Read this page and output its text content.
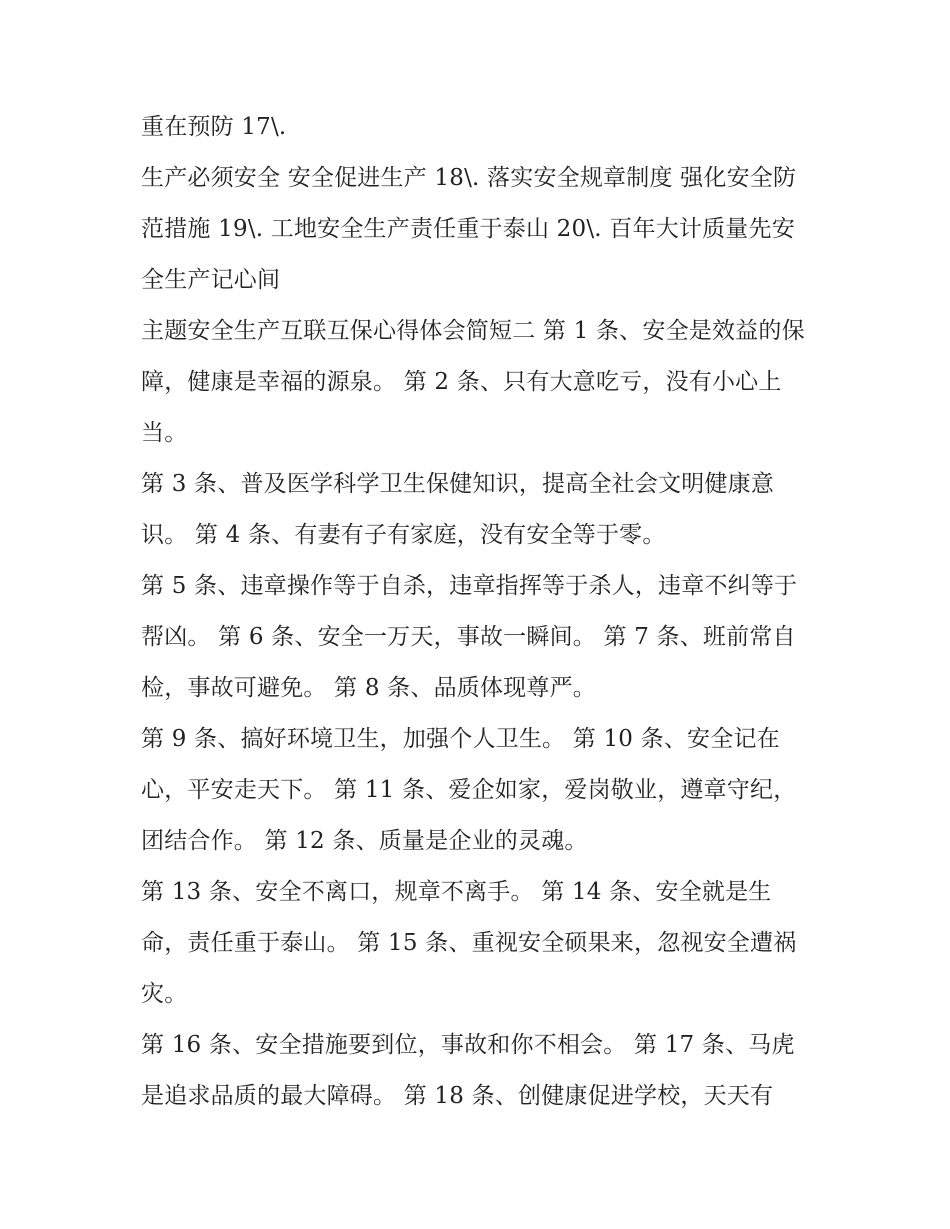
重在预防 17\.

生产必须安全 安全促进生产 18\. 落实安全规章制度 强化安全防范措施 19\. 工地安全生产责任重于泰山 20\. 百年大计质量先安全生产记心间

主题安全生产互联互保心得体会简短二 第 1 条、安全是效益的保障，健康是幸福的源泉。 第 2 条、只有大意吃亏，没有小心上当。

第 3 条、普及医学科学卫生保健知识，提高全社会文明健康意识。 第 4 条、有妻有子有家庭，没有安全等于零。

第 5 条、违章操作等于自杀，违章指挥等于杀人，违章不纠等于帮凶。 第 6 条、安全一万天，事故一瞬间。 第 7 条、班前常自检，事故可避免。 第 8 条、品质体现尊严。

第 9 条、搞好环境卫生，加强个人卫生。 第 10 条、安全记在心，平安走天下。 第 11 条、爱企如家，爱岗敬业，遵章守纪，团结合作。 第 12 条、质量是企业的灵魂。

第 13 条、安全不离口，规章不离手。 第 14 条、安全就是生命，责任重于泰山。 第 15 条、重视安全硕果来，忽视安全遭祸灾。

第 16 条、安全措施要到位，事故和你不相会。 第 17 条、马虎是追求品质的最大障碍。 第 18 条、创健康促进学校，天天有
